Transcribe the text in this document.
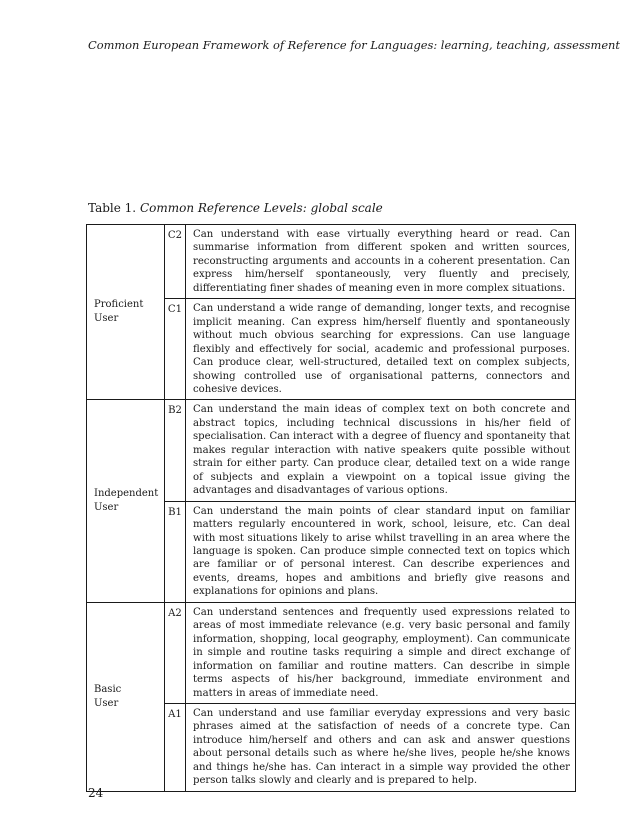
Common European Framework of Reference for Languages: learning, teaching, assessment
Table 1. Common Reference Levels: global scale
Proficient
User	C2	Can understand with ease virtually everything heard or read. Can summarise information from different spoken and written sources, reconstructing arguments and accounts in a coherent presentation. Can express him/herself spontaneously, very fluently and precisely, differentiating finer shades of meaning even in more complex situations.
	C1	Can understand a wide range of demanding, longer texts, and recognise implicit meaning. Can express him/herself fluently and spontaneously without much obvious searching for expressions. Can use language flexibly and effectively for social, academic and professional purposes. Can produce clear, well-structured, detailed text on complex subjects, showing controlled use of organisational patterns, connectors and cohesive devices.

Independent
User	B2	Can understand the main ideas of complex text on both concrete and abstract topics, including technical discussions in his/her field of specialisation. Can interact with a degree of fluency and spontaneity that makes regular interaction with native speakers quite possible without strain for either party. Can produce clear, detailed text on a wide range of subjects and explain a viewpoint on a topical issue giving the advantages and disadvantages of various options.
	B1	Can understand the main points of clear standard input on familiar matters regularly encountered in work, school, leisure, etc. Can deal with most situations likely to arise whilst travelling in an area where the language is spoken. Can produce simple connected text on topics which are familiar or of personal interest. Can describe experiences and events, dreams, hopes and ambitions and briefly give reasons and explanations for opinions and plans.

Basic
User	A2	Can understand sentences and frequently used expressions related to areas of most immediate relevance (e.g. very basic personal and family information, shopping, local geography, employment). Can communicate in simple and routine tasks requiring a simple and direct exchange of information on familiar and routine matters. Can describe in simple terms aspects of his/her background, immediate environment and matters in areas of immediate need.
	A1	Can understand and use familiar everyday expressions and very basic phrases aimed at the satisfaction of needs of a concrete type. Can introduce him/herself and others and can ask and answer questions about personal details such as where he/she lives, people he/she knows and things he/she has. Can interact in a simple way provided the other person talks slowly and clearly and is prepared to help.
24
